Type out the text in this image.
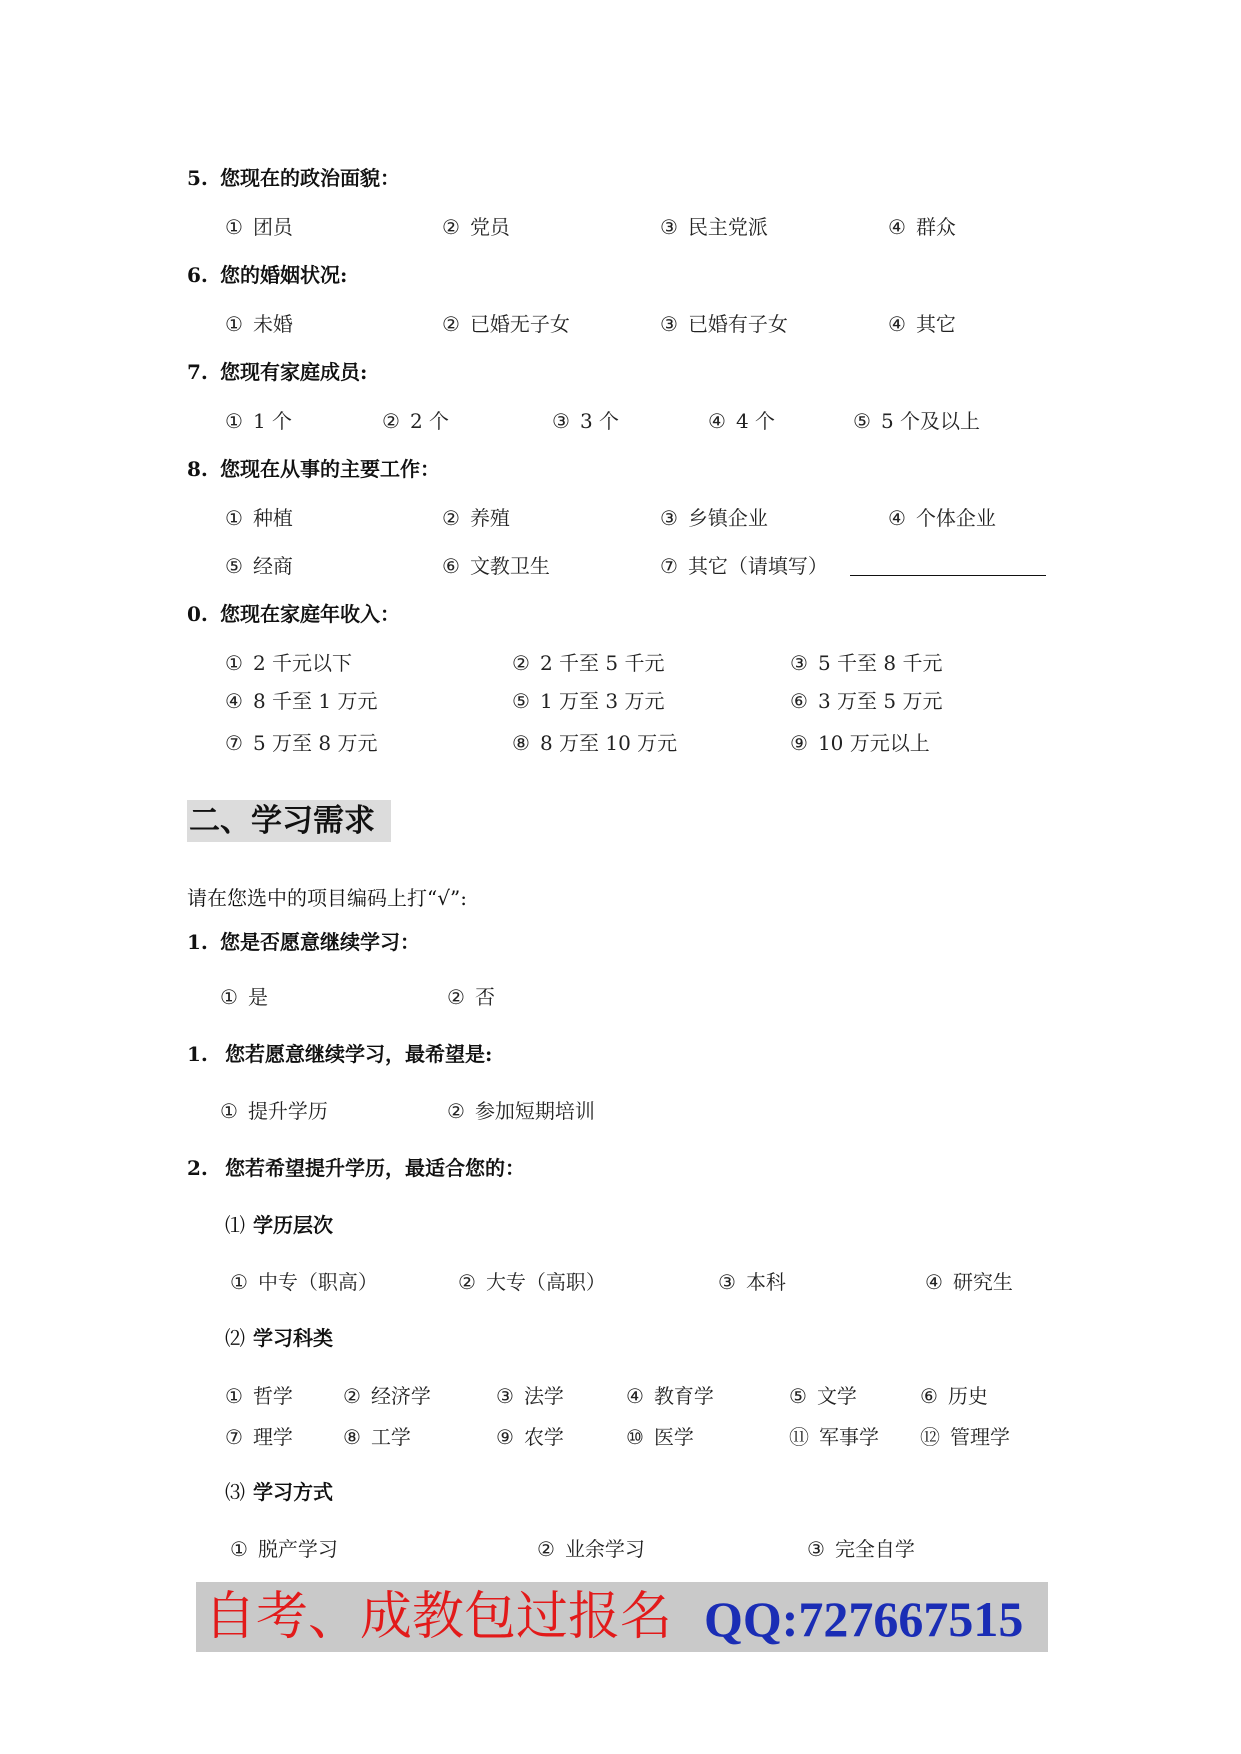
5. 您现在的政治面貌：
① 团员	② 党员	③ 民主党派	④ 群众
6. 您的婚姻状况:
① 未婚	② 已婚无子女	③ 已婚有子女	④ 其它
7. 您现有家庭成员:
① 1 个	② 2 个	③ 3 个	④ 4 个	⑤ 5 个及以上
8. 您现在从事的主要工作：
① 种植	② 养殖	③ 乡镇企业	④ 个体企业
⑤ 经商	⑥ 文教卫生	⑦ 其它（请填写）
0. 您现在家庭年收入：
① 2 千元以下	② 2 千至 5 千元	③ 5 千至 8 千元
④ 8 千至 1 万元	⑤ 1 万至 3 万元	⑥ 3 万至 5 万元
⑦ 5 万至 8 万元	⑧ 8 万至 10 万元	⑨ 10 万元以上
二、学习需求
请在您选中的项目编码上打“√”:
1. 您是否愿意继续学习：
① 是	② 否
1. 您若愿意继续学习，最希望是:
① 提升学历	② 参加短期培训
2. 您若希望提升学历，最适合您的：
⑴ 学历层次
① 中专（职高）	② 大专（高职）	③ 本科	④ 研究生
⑵ 学习科类
① 哲学	② 经济学	③ 法学	④ 教育学	⑤ 文学	⑥ 历史
⑦ 理学	⑧ 工学	⑨ 农学	⑩ 医学	⑪ 军事学 ⑫ 管理学
⑶ 学习方式
① 脱产学习	② 业余学习	③ 完全自学
自考、成教包过报名 QQ:727667515
